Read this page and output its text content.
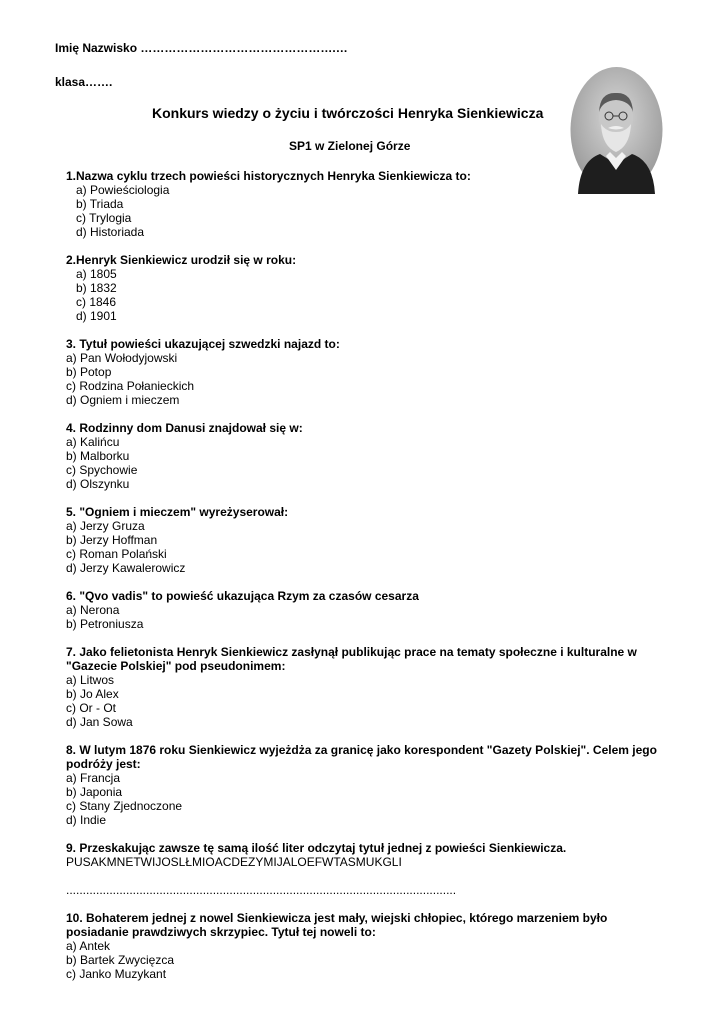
Imię Nazwisko ………………………………………….…
klasa…….
Konkurs wiedzy o życiu i twórczości Henryka Sienkiewicza
SP1 w Zielonej Górze
1.Nazwa cyklu trzech powieści historycznych Henryka Sienkiewicza to:
a) Powieściologia
b) Triada
c) Trylogia
d) Historiada
2.Henryk Sienkiewicz urodził się w roku:
a) 1805
b) 1832
c) 1846
d) 1901
3. Tytuł powieści ukazującej szwedzki najazd to:
a) Pan Wołodyjowski
b) Potop
c) Rodzina Połanieckich
d) Ogniem i mieczem
4. Rodzinny dom Danusi znajdował się w:
a) Kalińcu
b) Malborku
c) Spychowie
d) Olszynku
5. "Ogniem i mieczem" wyreżyserował:
a) Jerzy Gruza
b) Jerzy Hoffman
c) Roman Polański
d) Jerzy Kawalerowicz
6. "Qvo vadis" to powieść ukazująca Rzym za czasów cesarza
a) Nerona
b) Petroniusza
7. Jako felietonista Henryk Sienkiewicz zasłynął publikując prace na tematy społeczne i kulturalne w "Gazecie Polskiej" pod pseudonimem:
a) Litwos
b) Jo Alex
c) Or - Ot
d) Jan Sowa
8. W lutym 1876 roku Sienkiewicz wyjeżdża za granicę jako korespondent "Gazety Polskiej". Celem jego podróży jest:
a) Francja
b) Japonia
c) Stany Zjednoczone
d) Indie
9. Przeskakując zawsze tę samą ilość liter odczytaj tytuł jednej z powieści Sienkiewicza.
PUSAKMNETWIJOSLŁMIOACDEZYMIJALOEFWTASMUKGLI
.....................................................................................................................
10. Bohaterem jednej z nowel Sienkiewicza jest mały, wiejski chłopiec, którego marzeniem było posiadanie prawdziwych skrzypiec. Tytuł tej noweli to:
a) Antek
b) Bartek Zwycięzca
c) Janko Muzykant
